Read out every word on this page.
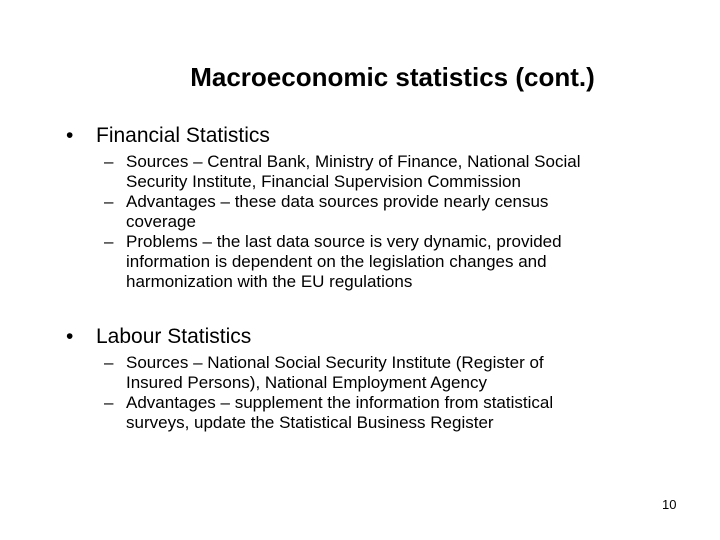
Macroeconomic statistics (cont.)
• Financial Statistics
– Sources – Central Bank, Ministry of Finance, National Social
Security Institute, Financial Supervision Commission
– Advantages – these data sources provide nearly census
coverage
– Problems – the last data source is very dynamic, provided
information is dependent on the legislation changes and
harmonization with the EU regulations
• Labour Statistics
– Sources – National Social Security Institute (Register of
Insured Persons), National Employment Agency
– Advantages – supplement the information from statistical
surveys, update the Statistical Business Register
10
